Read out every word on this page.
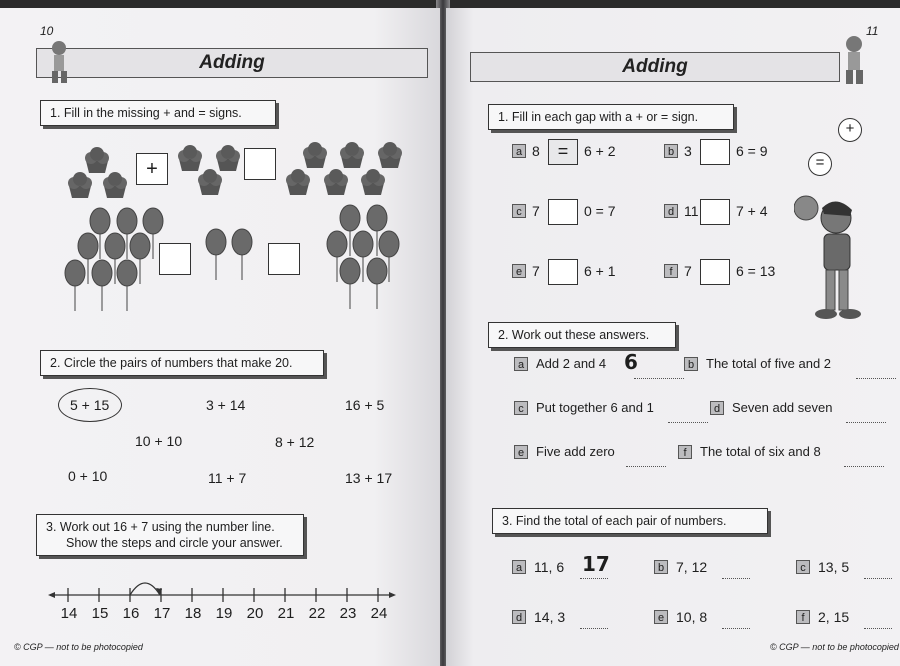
10
Adding
1. Fill in the missing + and = signs.
+
2. Circle the pairs of numbers that make 20.
5 + 15	3 + 14	16 + 5
10 + 10	8 + 12
0 + 10	11 + 7	13 + 17
3. Work out 16 + 7 using the number line.
Show the steps and circle your answer.
14 15 16 17 18 19 20 21 22 23 24
© CGP — not to be photocopied
11
Adding
1. Fill in each gap with a + or = sign.
a 8 =	6 + 2	b 3	6 = 9
c 7	0 = 7	d 11	7 + 4
e 7	6 + 1	f 7	6 = 13
+
=
2. Work out these answers.
a Add 2 and 4 6	b The total of five and 2
c Put together 6 and 1	d Seven add seven
e Five add zero	f	The total of six and 8
3. Find the total of each pair of numbers.
a 11, 6 17	b 7, 12	c 13, 5
d 14, 3	e 10, 8	f 2, 15
© CGP — not to be photocopied
